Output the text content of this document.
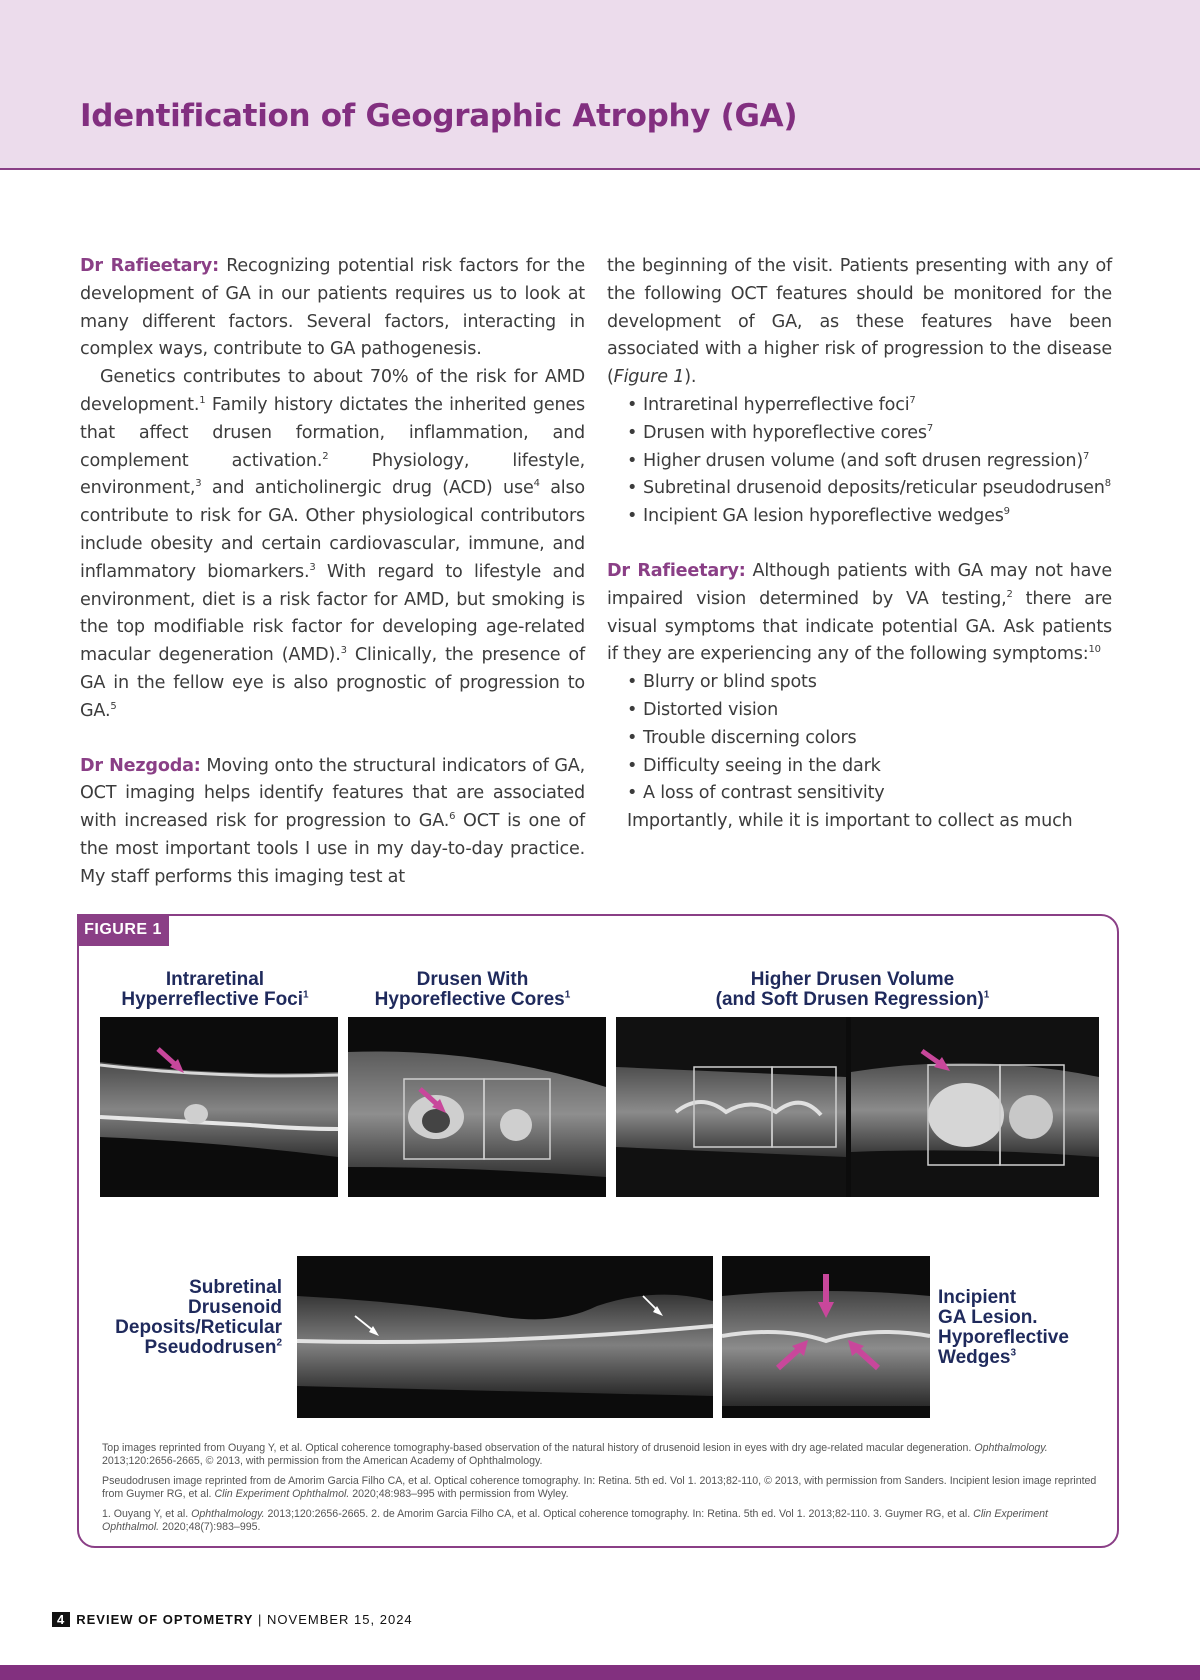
Identification of Geographic Atrophy (GA)

Dr Rafieetary: Recognizing potential risk factors for the development of GA in our patients requires us to look at many different factors. Several factors, interacting in complex ways, contribute to GA pathogenesis.

Genetics contributes to about 70% of the risk for AMD development.$^1$ Family history dictates the inherited genes that affect drusen formation, inflammation, and complement activation.$^2$ Physiology, lifestyle, environment,$^3$ and anticholinergic drug (ACD) use$^4$ also contribute to risk for GA. Other physiological contributors include obesity and certain cardiovascular, immune, and inflammatory biomarkers.$^3$ With regard to lifestyle and environment, diet is a risk factor for AMD, but smoking is the top modifiable risk factor for developing age-related macular degeneration (AMD).$^3$ Clinically, the presence of GA in the fellow eye is also prognostic of progression to GA.$^5$

Dr Nezgoda: Moving onto the structural indicators of GA, OCT imaging helps identify features that are associated with increased risk for progression to GA.$^6$ OCT is one of the most important tools I use in my day-to-day practice. My staff performs this imaging test at

the beginning of the visit. Patients presenting with any of the following OCT features should be monitored for the development of GA, as these features have been associated with a higher risk of progression to the disease (Figure 1).

• Intraretinal hyperreflective foci$^7$
• Drusen with hyporeflective cores$^7$
• Higher drusen volume (and soft drusen regression)$^7$
• Subretinal drusenoid deposits/reticular pseudodrusen$^8$
• Incipient GA lesion hyporeflective wedges$^9$

Dr Rafieetary: Although patients with GA may not have impaired vision determined by VA testing,$^2$ there are visual symptoms that indicate potential GA. Ask patients if they are experiencing any of the following symptoms:$^{10}$

• Blurry or blind spots
• Distorted vision
• Trouble discerning colors
• Difficulty seeing in the dark
• A loss of contrast sensitivity

Importantly, while it is important to collect as much

FIGURE 1
Intraretinal
Hyperreflective Foci$^1$
Drusen With
Hyporeflective Cores$^1$
Higher Drusen Volume
(and Soft Drusen Regression)$^1$
Subretinal
Drusenoid
Deposits/Reticular
Pseudodrusen$^2$
Incipient
GA Lesion.
Hyporeflective
Wedges$^3$

Top images reprinted from Ouyang Y, et al. Optical coherence tomography-based observation of the natural history of drusenoid lesion in eyes with dry age-related macular degeneration. Ophthalmology. 2013;120:2656-2665, © 2013, with permission from the American Academy of Ophthalmology.

Pseudodrusen image reprinted from de Amorim Garcia Filho CA, et al. Optical coherence tomography. In: Retina. 5th ed. Vol 1. 2013;82-110, © 2013, with permission from Sanders. Incipient lesion image reprinted from Guymer RG, et al. Clin Experiment Ophthalmol. 2020;48:983–995 with permission from Wyley.

1. Ouyang Y, et al. Ophthalmology. 2013;120:2656-2665. 2. de Amorim Garcia Filho CA, et al. Optical coherence tomography. In: Retina. 5th ed. Vol 1. 2013;82-110. 3. Guymer RG, et al. Clin Experiment Ophthalmol. 2020;48(7):983–995.

4 REVIEW OF OPTOMETRY | NOVEMBER 15, 2024
